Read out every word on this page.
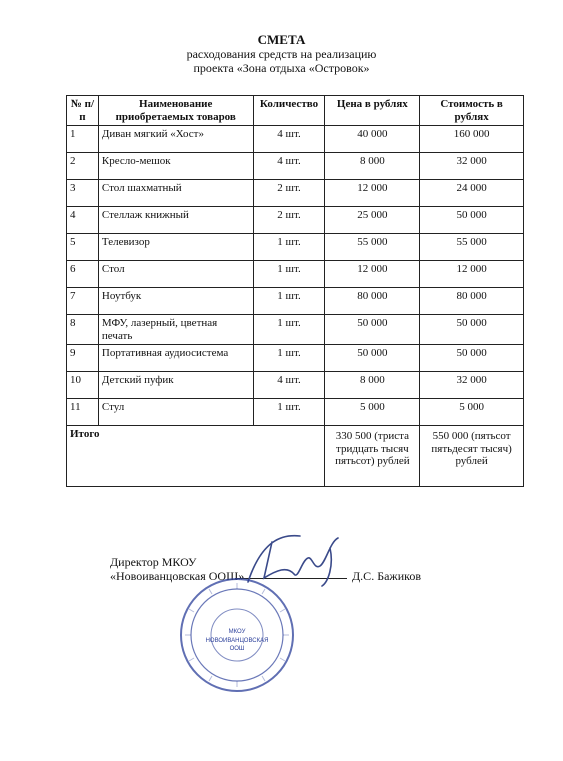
СМЕТА
расходования средств на реализацию
проекта «Зона отдыха «Островок»
№ п/п	Наименование приобретаемых товаров	Количество	Цена в рублях	Стоимость в рублях
1	Диван мягкий «Хост»	4 шт.	40 000	160 000
2	Кресло-мешок	4 шт.	8 000	32 000
3	Стол шахматный	2 шт.	12 000	24 000
4	Стеллаж книжный	2 шт.	25 000	50 000
5	Телевизор	1 шт.	55 000	55 000
6	Стол	1 шт.	12 000	12 000
7	Ноутбук	1 шт.	80 000	80 000
8	МФУ, лазерный, цветная печать	1 шт.	50 000	50 000
9	Портативная аудиосистема	1 шт.	50 000	50 000
10	Детский пуфик	4 шт.	8 000	32 000
11	Стул	1 шт.	5 000	5 000
Итого			330 500 (триста тридцать тысяч пятьсот) рублей	550 000 (пятьсот пятьдесят тысяч) рублей
Директор МКОУ
«Новоиванцовская ООШ»	Д.С. Бажиков
МКОУ
НОВОИВАНЦОВСКАЯ
ООШ
